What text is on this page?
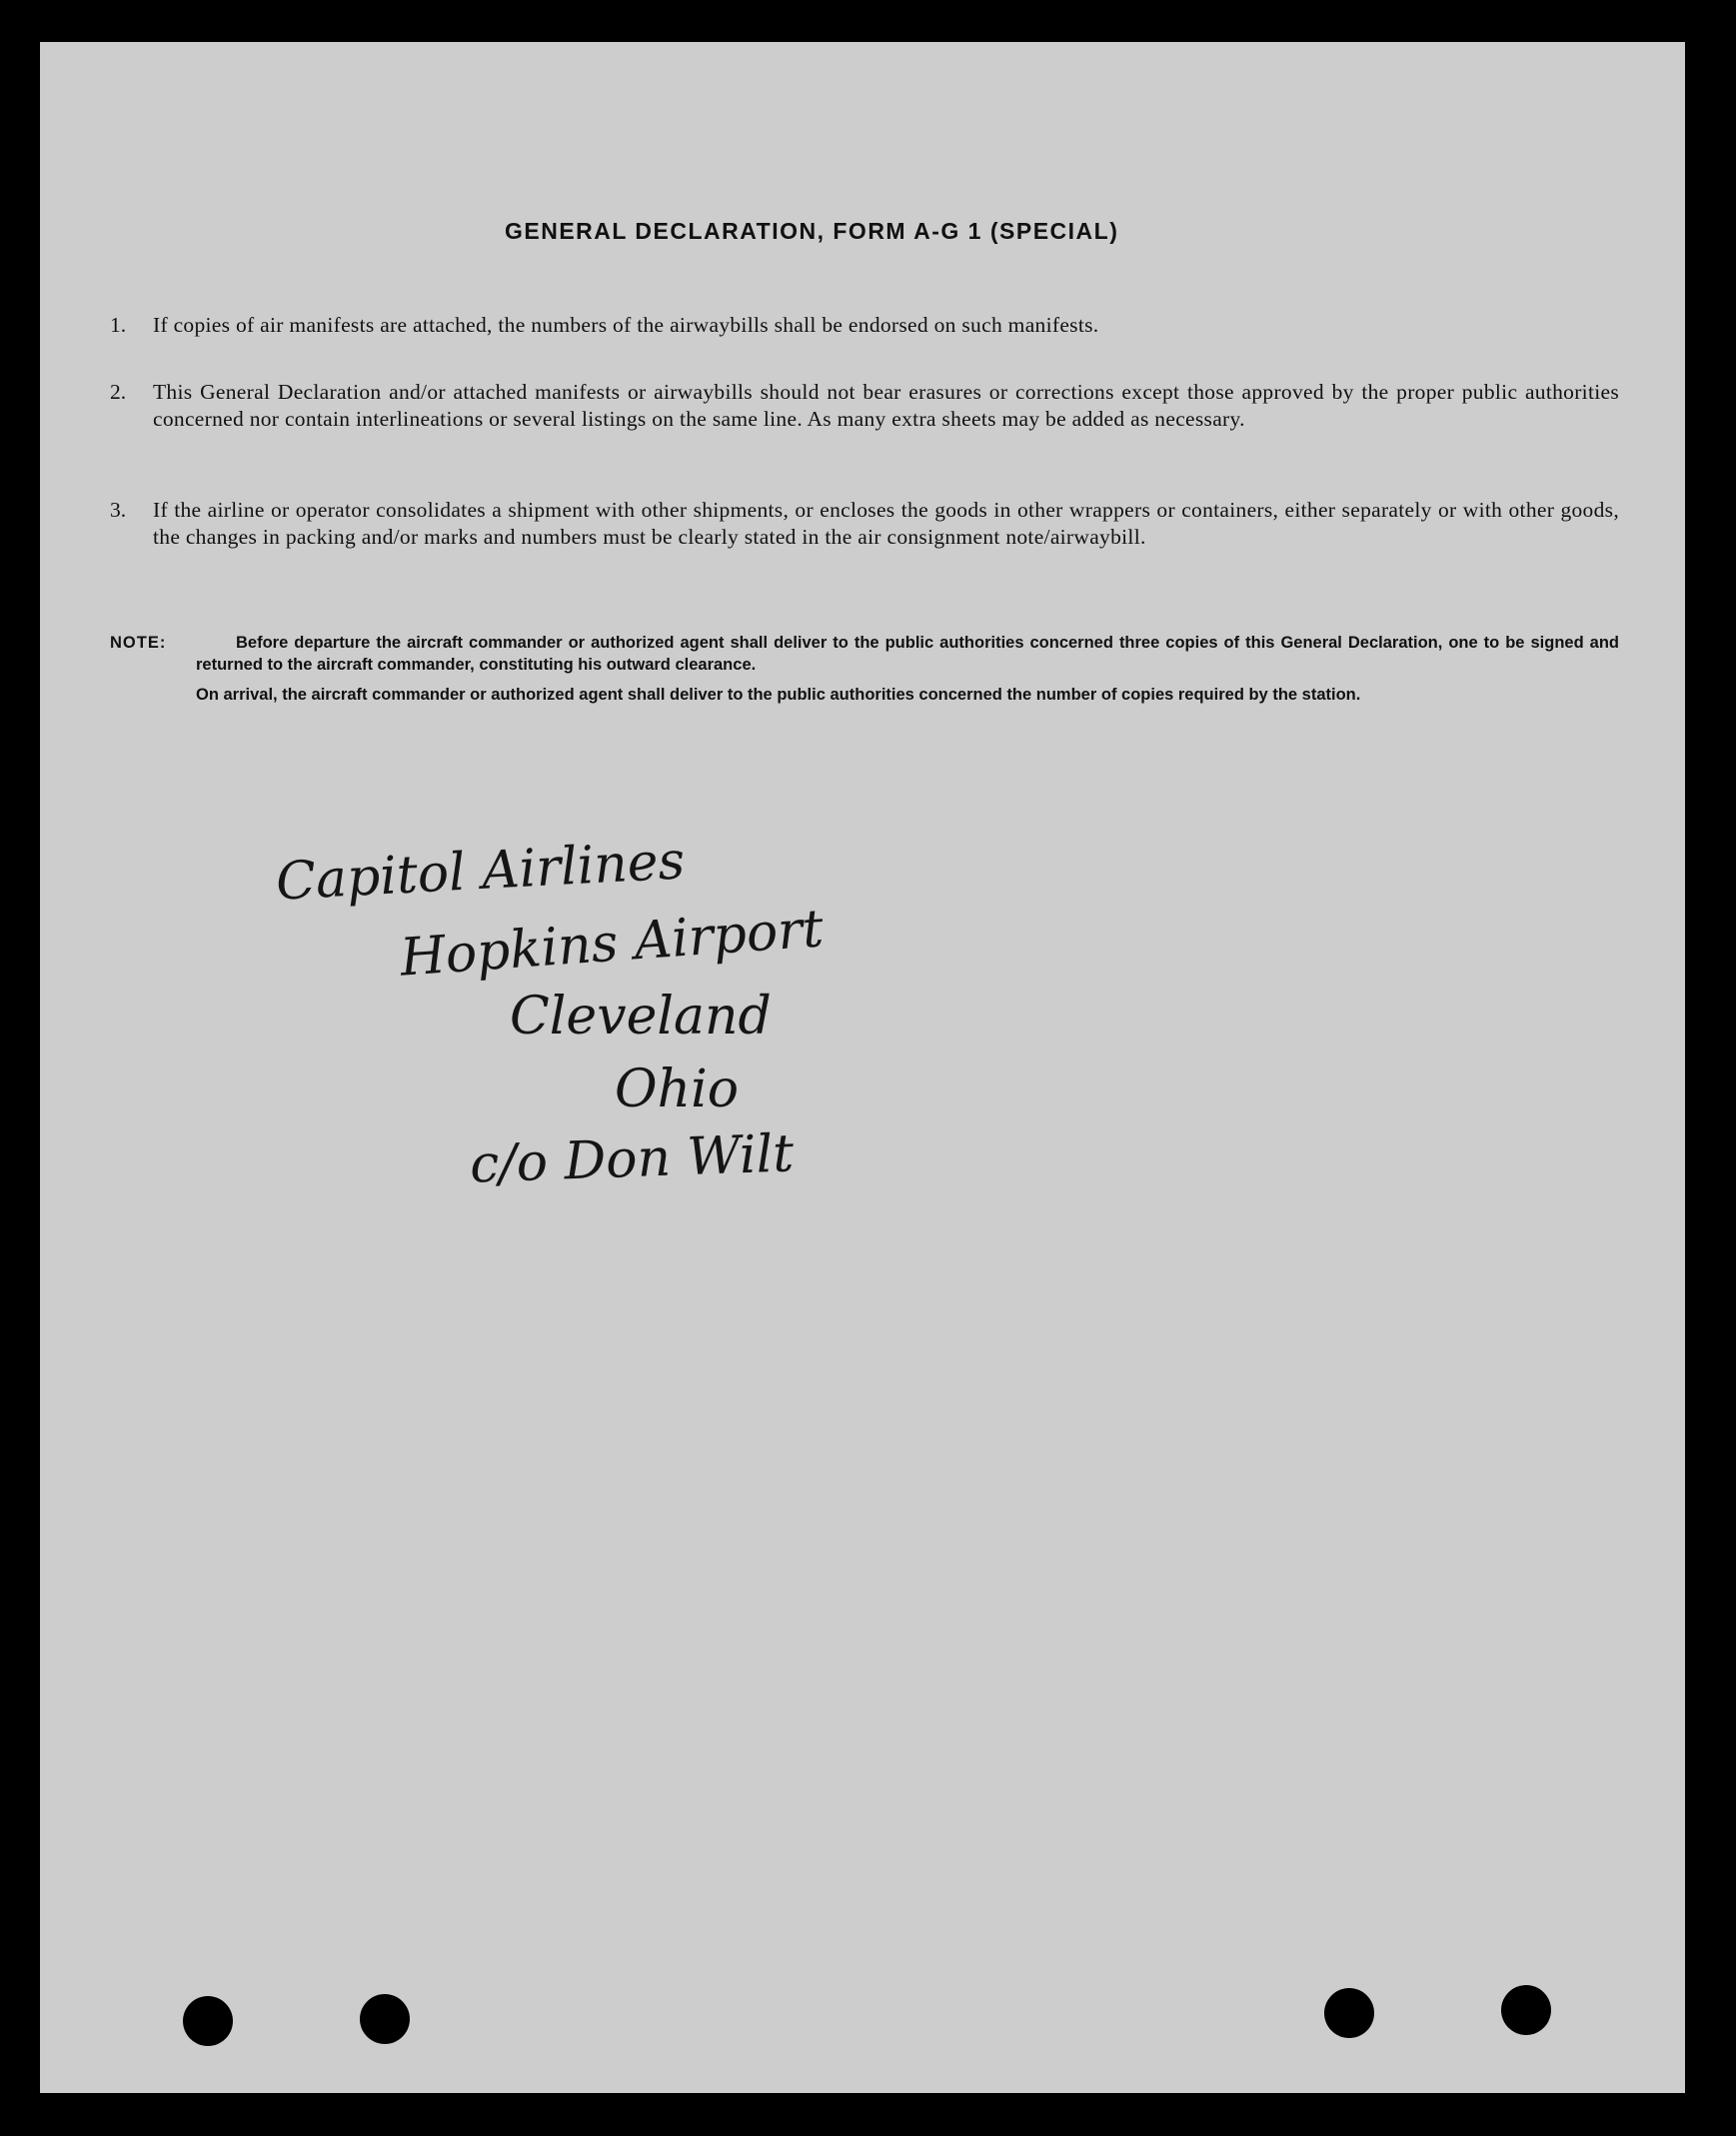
GENERAL DECLARATION, FORM A-G 1 (SPECIAL)
1. If copies of air manifests are attached, the numbers of the airwaybills shall be endorsed on such manifests.
2. This General Declaration and/or attached manifests or airwaybills should not bear erasures or corrections except those approved by the proper public authorities concerned nor contain interlineations or several listings on the same line. As many extra sheets may be added as necessary.
3. If the airline or operator consolidates a shipment with other shipments, or encloses the goods in other wrappers or containers, either separately or with other goods, the changes in packing and/or marks and numbers must be clearly stated in the air consignment note/airwaybill.
NOTE:	Before departure the aircraft commander or authorized agent shall deliver to the public authorities concerned three copies of this General Declaration, one to be signed and returned to the aircraft commander, constituting his outward clearance.
On arrival, the aircraft commander or authorized agent shall deliver to the public authorities concerned the number of copies required by the station.
Capitol Airlines
Hopkins Airport
Cleveland
Ohio
c/o Don Wilt
